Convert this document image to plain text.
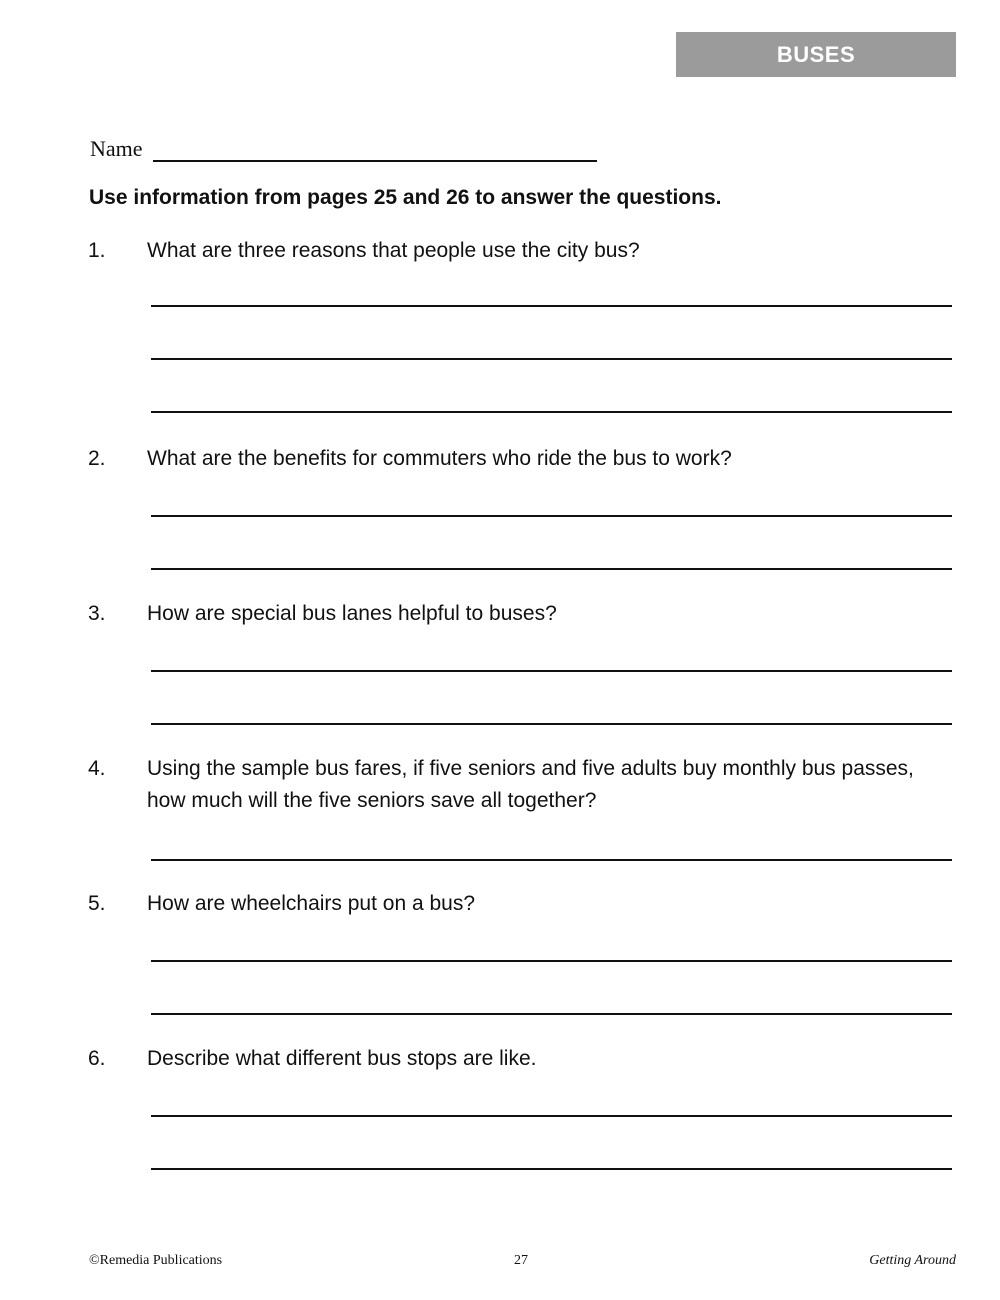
BUSES
Name
Use information from pages 25 and 26 to answer the questions.
1.	What are three reasons that people use the city bus?
2.	What are the benefits for commuters who ride the bus to work?
3.	How are special bus lanes helpful to buses?
4.	Using the sample bus fares, if five seniors and five adults buy monthly bus passes, how much will the five seniors save all together?
5.	How are wheelchairs put on a bus?
6.	Describe what different bus stops are like.
©Remedia Publications	27	Getting Around
